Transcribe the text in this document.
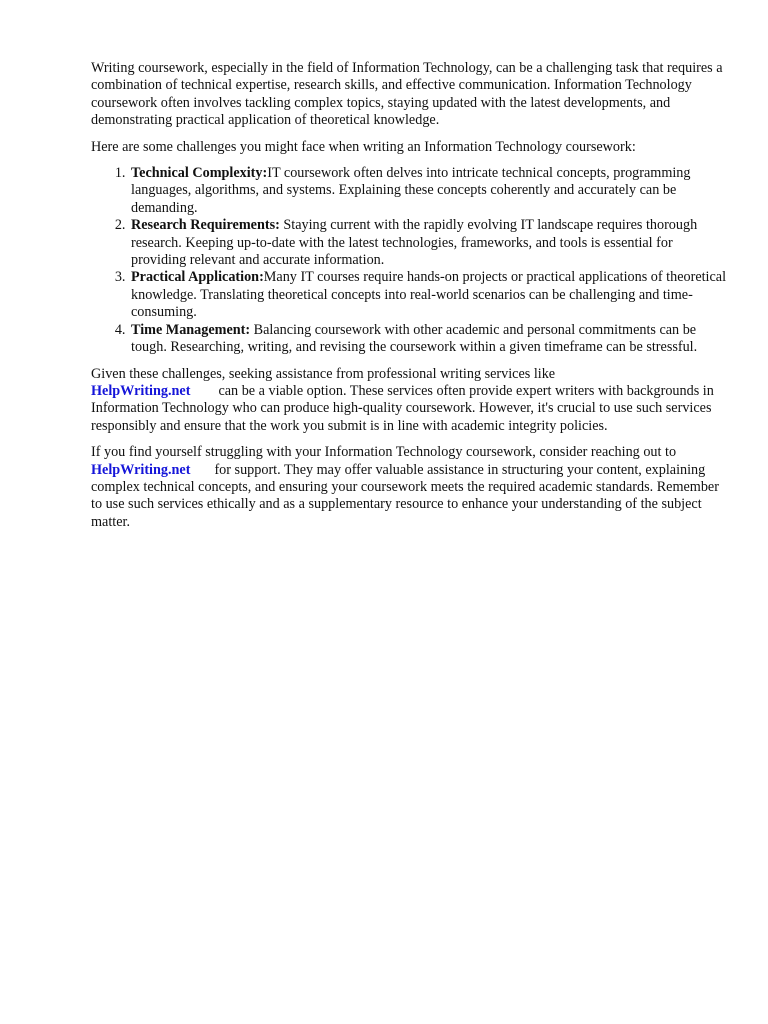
Writing coursework, especially in the field of Information Technology, can be a challenging task that requires a combination of technical expertise, research skills, and effective communication. Information Technology coursework often involves tackling complex topics, staying updated with the latest developments, and demonstrating practical application of theoretical knowledge.

Here are some challenges you might face when writing an Information Technology coursework:

1. Technical Complexity:IT coursework often delves into intricate technical concepts, programming languages, algorithms, and systems. Explaining these concepts coherently and accurately can be demanding.
2. Research Requirements: Staying current with the rapidly evolving IT landscape requires thorough research. Keeping up-to-date with the latest technologies, frameworks, and tools is essential for providing relevant and accurate information.
3. Practical Application:Many IT courses require hands-on projects or practical applications of theoretical knowledge. Translating theoretical concepts into real-world scenarios can be challenging and time-consuming.
4. Time Management: Balancing coursework with other academic and personal commitments can be tough. Researching, writing, and revising the coursework within a given timeframe can be stressful.

Given these challenges, seeking assistance from professional writing services like
HelpWriting.net can be a viable option. These services often provide expert writers with backgrounds in Information Technology who can produce high-quality coursework. However, it's crucial to use such services responsibly and ensure that the work you submit is in line with academic integrity policies.

If you find yourself struggling with your Information Technology coursework, consider reaching out toHelpWriting.net for support. They may offer valuable assistance in structuring your content, explaining complex technical concepts, and ensuring your coursework meets the required academic standards. Remember to use such services ethically and as a supplementary resource to enhance your understanding of the subject matter.
